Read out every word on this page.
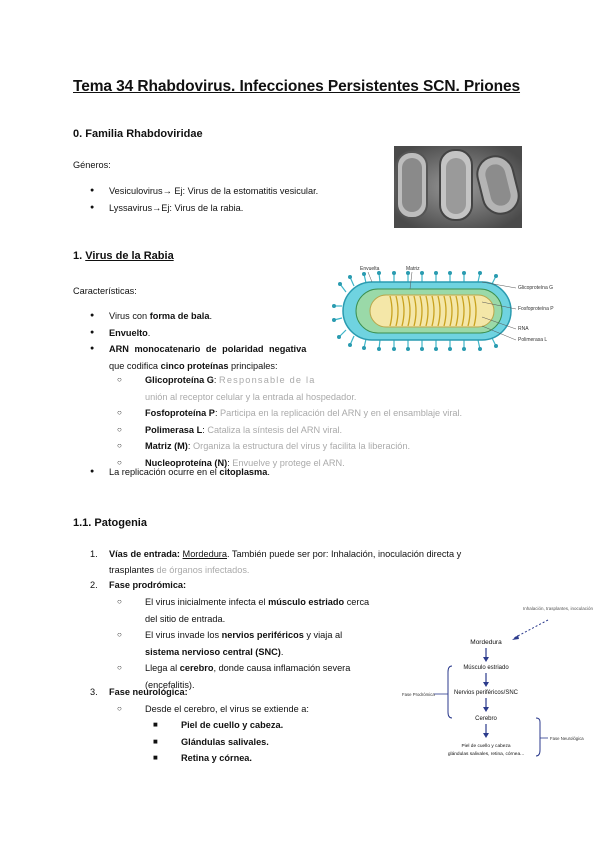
Tema 34 Rhabdovirus. Infecciones Persistentes SCN. Priones
0. Familia Rhabdoviridae
Géneros:
● Vesiculovirus→ Ej: Virus de la estomatitis vesicular.
● Lyssavirus→Ej: Virus de la rabia.
1. Virus de la Rabia
Características:
● Virus con forma de bala.
● Envuelto.
● ARN monocatenario de polaridad negativa
que codifica cinco proteínas principales:
○	Glicoproteína G: Responsable de la
unión al receptor celular y la entrada al hospedador.
○	Fosfoproteína P: Participa en la replicación del ARN y en el ensamblaje viral.
○	Polimerasa L: Cataliza la síntesis del ARN viral.
○	Matriz (M): Organiza la estructura del virus y facilita la liberación.
○	Nucleoproteína (N): Envuelve y protege el ARN.
● La replicación ocurre en el citoplasma.
Envuelta	Matriz
Glicoproteína G
Fosfoproteína P
RNA
Polimerasa L
1.1. Patogenia
1. Vías de entrada: Mordedura. También puede ser por: Inhalación, inoculación directa y
trasplantes de órganos infectados.
2. Fase prodrómica:
○	El virus inicialmente infecta el músculo estriado cerca
del sitio de entrada.
○	El virus invade los nervios periféricos y viaja al
sistema nervioso central (SNC).
○	Llega al cerebro, donde causa inflamación severa
(encefalitis).
3. Fase neurológica:
○	Desde el cerebro, el virus se extiende a:
■	Piel de cuello y cabeza.
■	Glándulas salivales.
■	Retina y córnea.
Inhalación, trasplantes, inoculación
Mordedura
Músculo estriado
Nervios periféricos/SNC
Cerebro
Piel de cuello y cabeza
glándulas salivales, retina, córnea...
Fase Prodrómica
Fase Neurológica
